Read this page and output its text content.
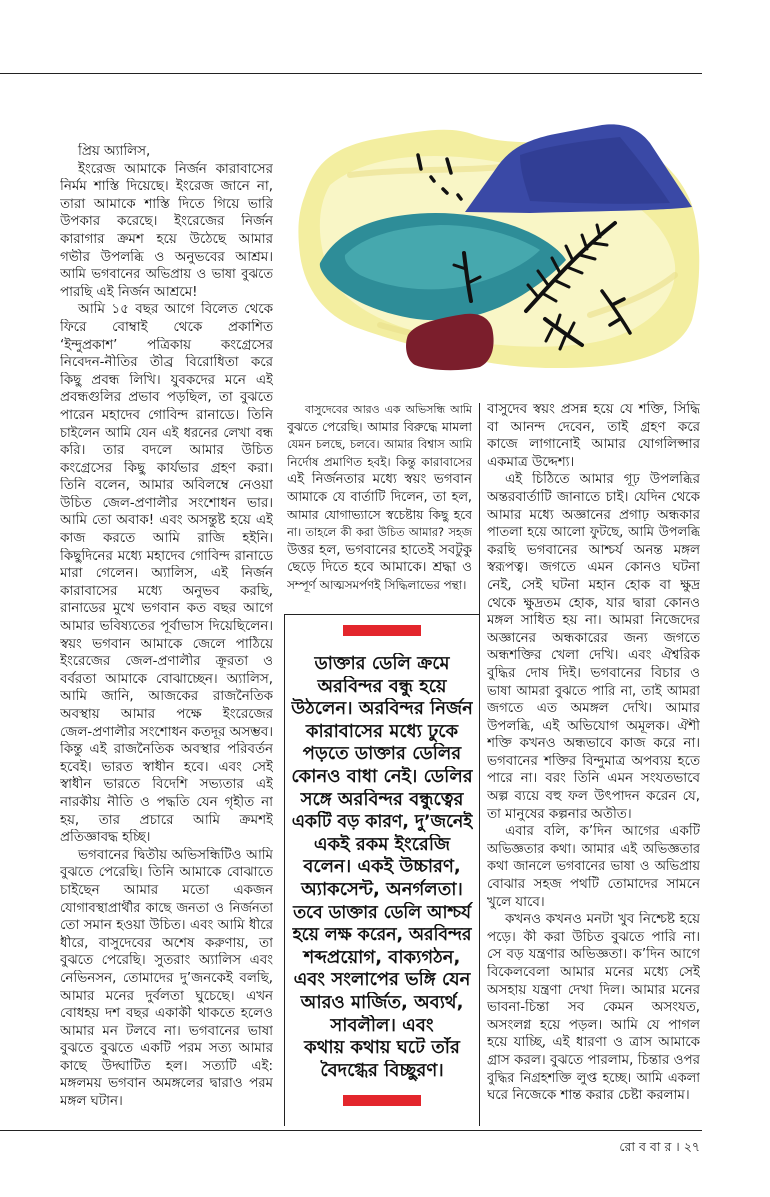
প্রিয় অ্যালিস,
ইংরেজ আমাকে নির্জন কারাবাসের
নির্মম শাস্তি দিয়েছে। ইংরেজ জানে না,
তারা আমাকে শাস্তি দিতে গিয়ে ভারি
উপকার করেছে। ইংরেজের নির্জন
কারাগার ক্রমশ হয়ে উঠেছে আমার
গভীর উপলব্ধি ও অনুভবের আশ্রম।
আমি ভগবানের অভিপ্রায় ও ভাষা বুঝতে
পারছি এই নির্জন আশ্রমে!
আমি ১৫ বছর আগে বিলেত থেকে
ফিরে বোম্বাই থেকে প্রকাশিত
‘ইন্দুপ্রকাশ’ পত্রিকায় কংগ্রেসের
নিবেদন-নীতির তীব্র বিরোধিতা করে
কিছু প্রবন্ধ লিখি। যুবকদের মনে এই
প্রবন্ধগুলির প্রভাব পড়ছিল, তা বুঝতে
পারেন মহাদেব গোবিন্দ রানাডে। তিনি
চাইলেন আমি যেন এই ধরনের লেখা বন্ধ
করি। তার বদলে আমার উচিত
কংগ্রেসের কিছু কার্যভার গ্রহণ করা।
তিনি বলেন, আমার অবিলম্বে নেওয়া
উচিত জেল-প্রণালীর সংশোধন ভার।
আমি তো অবাক! এবং অসন্তুষ্ট হয়ে এই
কাজ করতে আমি রাজি হইনি।
কিছুদিনের মধ্যে মহাদেব গোবিন্দ রানাডে
মারা গেলেন। অ্যালিস, এই নির্জন
কারাবাসের মধ্যে অনুভব করছি,
রানাডের মুখে ভগবান কত বছর আগে
আমার ভবিষ্যতের পূর্বাভাস দিয়েছিলেন।
স্বয়ং ভগবান আমাকে জেলে পাঠিয়ে
ইংরেজের জেল-প্রণালীর ক্রূরতা ও
বর্বরতা আমাকে বোঝাচ্ছেন। অ্যালিস,
আমি জানি, আজকের রাজনৈতিক
অবস্থায় আমার পক্ষে ইংরেজের
জেল-প্রণালীর সংশোধন কতদূর অসম্ভব।
কিন্তু এই রাজনৈতিক অবস্থার পরিবর্তন
হবেই। ভারত স্বাধীন হবে। এবং সেই
স্বাধীন ভারতে বিদেশি সভ্যতার এই
নারকীয় নীতি ও পদ্ধতি যেন গৃহীত না
হয়, তার প্রচারে আমি ক্রমশই
প্রতিজ্ঞাবদ্ধ হচ্ছি।
ভগবানের দ্বিতীয় অভিসন্ধিটিও আমি
বুঝতে পেরেছি। তিনি আমাকে বোঝাতে
চাইছেন আমার মতো একজন
যোগাবস্থাপ্রার্থীর কাছে জনতা ও নির্জনতা
তো সমান হওয়া উচিত। এবং আমি ধীরে
ধীরে, বাসুদেবের অশেষ করুণায়, তা
বুঝতে পেরেছি। সুতরাং অ্যালিস এবং
নেভিনসন, তোমাদের দু’জনকেই বলছি,
আমার মনের দুর্বলতা ঘুচেছে। এখন
বোধহয় দশ বছর একাকী থাকতে হলেও
আমার মন টলবে না। ভগবানের ভাষা
বুঝতে বুঝতে একটি পরম সত্য আমার
কাছে উদ্ঘাটিত হল। সত্যটি এই:
মঙ্গলময় ভগবান অমঙ্গলের দ্বারাও পরম
মঙ্গল ঘটান।
বাসুদেবের আরও এক অভিসন্ধি আমি
বুঝতে পেরেছি। আমার বিরুদ্ধে মামলা
যেমন চলছে, চলবে। আমার বিশ্বাস আমি
নির্দোষ প্রমাণিত হবই। কিন্তু কারাবাসের
এই নির্জনতার মধ্যে স্বয়ং ভগবান
আমাকে যে বার্তাটি দিলেন, তা হল,
আমার যোগাভ্যাসে স্বচেষ্টায় কিছু হবে
না। তাহলে কী করা উচিত আমার? সহজ
উত্তর হল, ভগবানের হাতেই সবটুকু
ছেড়ে দিতে হবে আমাকে। শ্রদ্ধা ও
সম্পূর্ণ আত্মসমর্পণই সিদ্ধিলাভের পন্থা।
বাসুদেব স্বয়ং প্রসন্ন হয়ে যে শক্তি, সিদ্ধি
বা আনন্দ দেবেন, তাই গ্রহণ করে
কাজে লাগানোই আমার যোগলিপ্সার
একমাত্র উদ্দেশ্য।
এই চিঠিতে আমার গূঢ় উপলব্ধির
অন্তরবার্তাটি জানাতে চাই। যেদিন থেকে
আমার মধ্যে অজ্ঞানের প্রগাঢ় অন্ধকার
পাতলা হয়ে আলো ফুটছে, আমি উপলব্ধি
করছি ভগবানের আশ্চর্য অনন্ত মঙ্গল
স্বরূপত্ব। জগতে এমন কোনও ঘটনা
নেই, সেই ঘটনা মহান হোক বা ক্ষুদ্র
থেকে ক্ষুদ্রতম হোক, যার দ্বারা কোনও
মঙ্গল সাধিত হয় না। আমরা নিজেদের
অজ্ঞানের অন্ধকারের জন্য জগতে
অন্ধশক্তির খেলা দেখি। এবং ঐশ্বরিক
বুদ্ধির দোষ দিই। ভগবানের বিচার ও
ভাষা আমরা বুঝতে পারি না, তাই আমরা
জগতে এত অমঙ্গল দেখি। আমার
উপলব্ধি, এই অভিযোগ অমূলক। ঐশী
শক্তি কখনও অন্ধভাবে কাজ করে না।
ভগবানের শক্তির বিন্দুমাত্র অপব্যয় হতে
পারে না। বরং তিনি এমন সংযতভাবে
অল্প ব্যয়ে বহু ফল উৎপাদন করেন যে,
তা মানুষের কল্পনার অতীত।
এবার বলি, ক’দিন আগের একটি
অভিজ্ঞতার কথা। আমার এই অভিজ্ঞতার
কথা জানলে ভগবানের ভাষা ও অভিপ্রায়
বোঝার সহজ পথটি তোমাদের সামনে
খুলে যাবে।
কখনও কখনও মনটা খুব নিশ্চেষ্ট হয়ে
পড়ে। কী করা উচিত বুঝতে পারি না।
সে বড় যন্ত্রণার অভিজ্ঞতা। ক’দিন আগে
বিকেলবেলা আমার মনের মধ্যে সেই
অসহায় যন্ত্রণা দেখা দিল। আমার মনের
ভাবনা-চিন্তা সব কেমন অসংযত,
অসংলগ্ন হয়ে পড়ল। আমি যে পাগল
হয়ে যাচ্ছি, এই ধারণা ও ত্রাস আমাকে
গ্রাস করল। বুঝতে পারলাম, চিন্তার ওপর
বুদ্ধির নিগ্রহশক্তি লুপ্ত হচ্ছে। আমি একলা
ঘরে নিজেকে শান্ত করার চেষ্টা করলাম।
ডাক্তার ডেলি ক্রমে
অরবিন্দর বন্ধু হয়ে
উঠলেন। অরবিন্দর নির্জন
কারাবাসের মধ্যে ঢুকে
পড়তে ডাক্তার ডেলির
কোনও বাধা নেই। ডেলির
সঙ্গে অরবিন্দর বন্ধুত্বের
একটি বড় কারণ, দু’জনেই
একই রকম ইংরেজি
বলেন। একই উচ্চারণ,
অ্যাকসেন্ট, অনর্গলতা।
তবে ডাক্তার ডেলি আশ্চর্য
হয়ে লক্ষ করেন, অরবিন্দর
শব্দপ্রয়োগ, বাক্যগঠন,
এবং সংলাপের ভঙ্গি যেন
আরও মার্জিত, অব্যর্থ,
সাবলীল। এবং
কথায় কথায় ঘটে তাঁর
বৈদগ্ধের বিচ্ছুরণ।
রো ব বা র । ২৭
